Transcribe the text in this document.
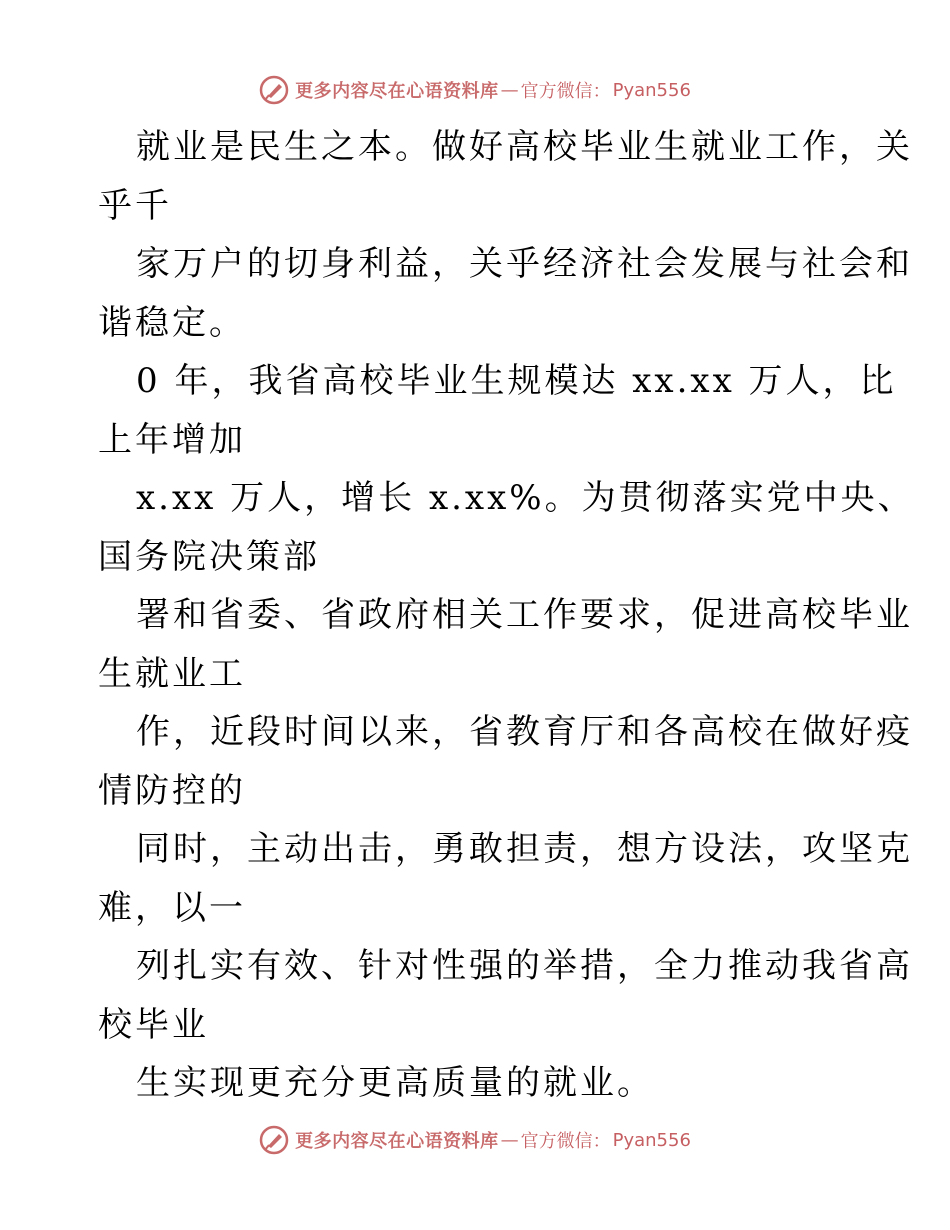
更多内容尽在心语资料库 — 官方微信： Pyan556
就业是民生之本。做好高校毕业生就业工作，关
乎千
家万户的切身利益，关乎经济社会发展与社会和
谐稳定。
0 年，我省高校毕业生规模达 xx.xx 万人，比
上年增加
x.xx 万人，增长 x.xx%。为贯彻落实党中央、
国务院决策部
署和省委、省政府相关工作要求，促进高校毕业
生就业工
作，近段时间以来，省教育厅和各高校在做好疫
情防控的
同时，主动出击，勇敢担责，想方设法，攻坚克
难，以一
列扎实有效、针对性强的举措，全力推动我省高
校毕业
生实现更充分更高质量的就业。
更多内容尽在心语资料库 — 官方微信： Pyan556
